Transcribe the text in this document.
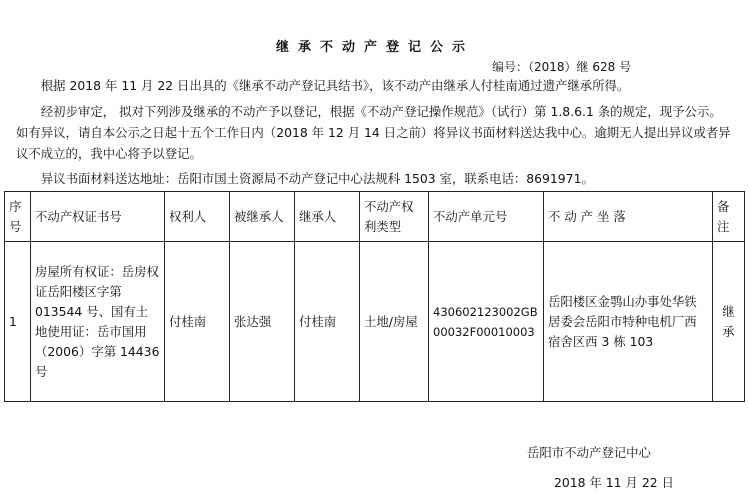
继承不动产登记公示
编号：（2018）继 628 号
根据 2018 年 11 月 22 日出具的《继承不动产登记具结书》，该不动产由继承人付桂南通过遗产继承所得。
经初步审定， 拟对下列涉及继承的不动产予以登记，根据《不动产登记操作规范》（试行）第 1.8.6.1 条的规定，现予公示。如有异议，请自本公示之日起十五个工作日内（2018 年 12 月 14 日之前）将异议书面材料送达我中心。逾期无人提出异议或者异议不成立的，我中心将予以登记。
异议书面材料送达地址：岳阳市国土资源局不动产登记中心法规科 1503 室，联系电话：8691971。
序号	不动产权证书号	权利人	被继承人	继承人	不动产权利类型	不动产单元号	不 动 产 坐 落	备注
1	房屋所有权证：岳房权证岳阳楼区字第 013544 号、国有土地使用证：岳市国用（2006）字第 14436 号	付桂南	张达强	付桂南	土地/房屋	430602123002GB00032F00010003	岳阳楼区金鹗山办事处华铁居委会岳阳市特种电机厂西宿舍区西 3 栋 103	继承
岳阳市不动产登记中心
2018 年 11 月 22 日
